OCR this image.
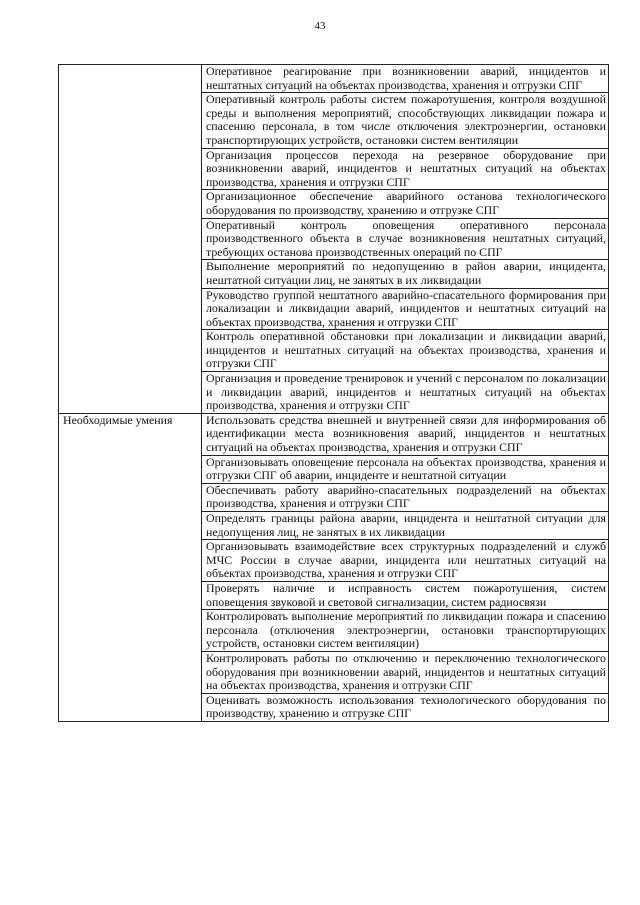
43
	Оперативное реагирование при возникновении аварий, инцидентов и нештатных ситуаций на объектах производства, хранения и отгрузки СПГ
	Оперативный контроль работы систем пожаротушения, контроля воздушной среды и выполнения мероприятий, способствующих ликвидации пожара и спасению персонала, в том числе отключения электроэнергии, остановки транспортирующих устройств, остановки систем вентиляции
	Организация процессов перехода на резервное оборудование при возникновении аварий, инцидентов и нештатных ситуаций на объектах производства, хранения и отгрузки СПГ
	Организационное обеспечение аварийного останова технологического оборудования по производству, хранению и отгрузке СПГ
	Оперативный контроль оповещения оперативного персонала производственного объекта в случае возникновения нештатных ситуаций, требующих останова производственных операций по СПГ
	Выполнение мероприятий по недопущению в район аварии, инцидента, нештатной ситуации лиц, не занятых в их ликвидации
	Руководство группой нештатного аварийно-спасательного формирования при локализации и ликвидации аварий, инцидентов и нештатных ситуаций на объектах производства, хранения и отгрузки СПГ
	Контроль оперативной обстановки при локализации и ликвидации аварий, инцидентов и нештатных ситуаций на объектах производства, хранения и отгрузки СПГ
	Организация и проведение тренировок и учений с персоналом по локализации и ликвидации аварий, инцидентов и нештатных ситуаций на объектах производства, хранения и отгрузки СПГ

Необходимые умения	Использовать средства внешней и внутренней связи для информирования об идентификации места возникновения аварий, инцидентов и нештатных ситуаций на объектах производства, хранения и отгрузки СПГ
	Организовывать оповещение персонала на объектах производства, хранения и отгрузки СПГ об аварии, инциденте и нештатной ситуации
	Обеспечивать работу аварийно-спасательных подразделений на объектах производства, хранения и отгрузки СПГ
	Определять границы района аварии, инцидента и нештатной ситуации для недопущения лиц, не занятых в их ликвидации
	Организовывать взаимодействие всех структурных подразделений и служб МЧС России в случае аварии, инцидента или нештатных ситуаций на объектах производства, хранения и отгрузки СПГ
	Проверять наличие и исправность систем пожаротушения, систем оповещения звуковой и световой сигнализации, систем радиосвязи
	Контролировать выполнение мероприятий по ликвидации пожара и спасению персонала (отключения электроэнергии, остановки транспортирующих устройств, остановки систем вентиляции)
	Контролировать работы по отключению и переключению технологического оборудования при возникновении аварий, инцидентов и нештатных ситуаций на объектах производства, хранения и отгрузки СПГ
	Оценивать возможность использования технологического оборудования по производству, хранению и отгрузке СПГ
